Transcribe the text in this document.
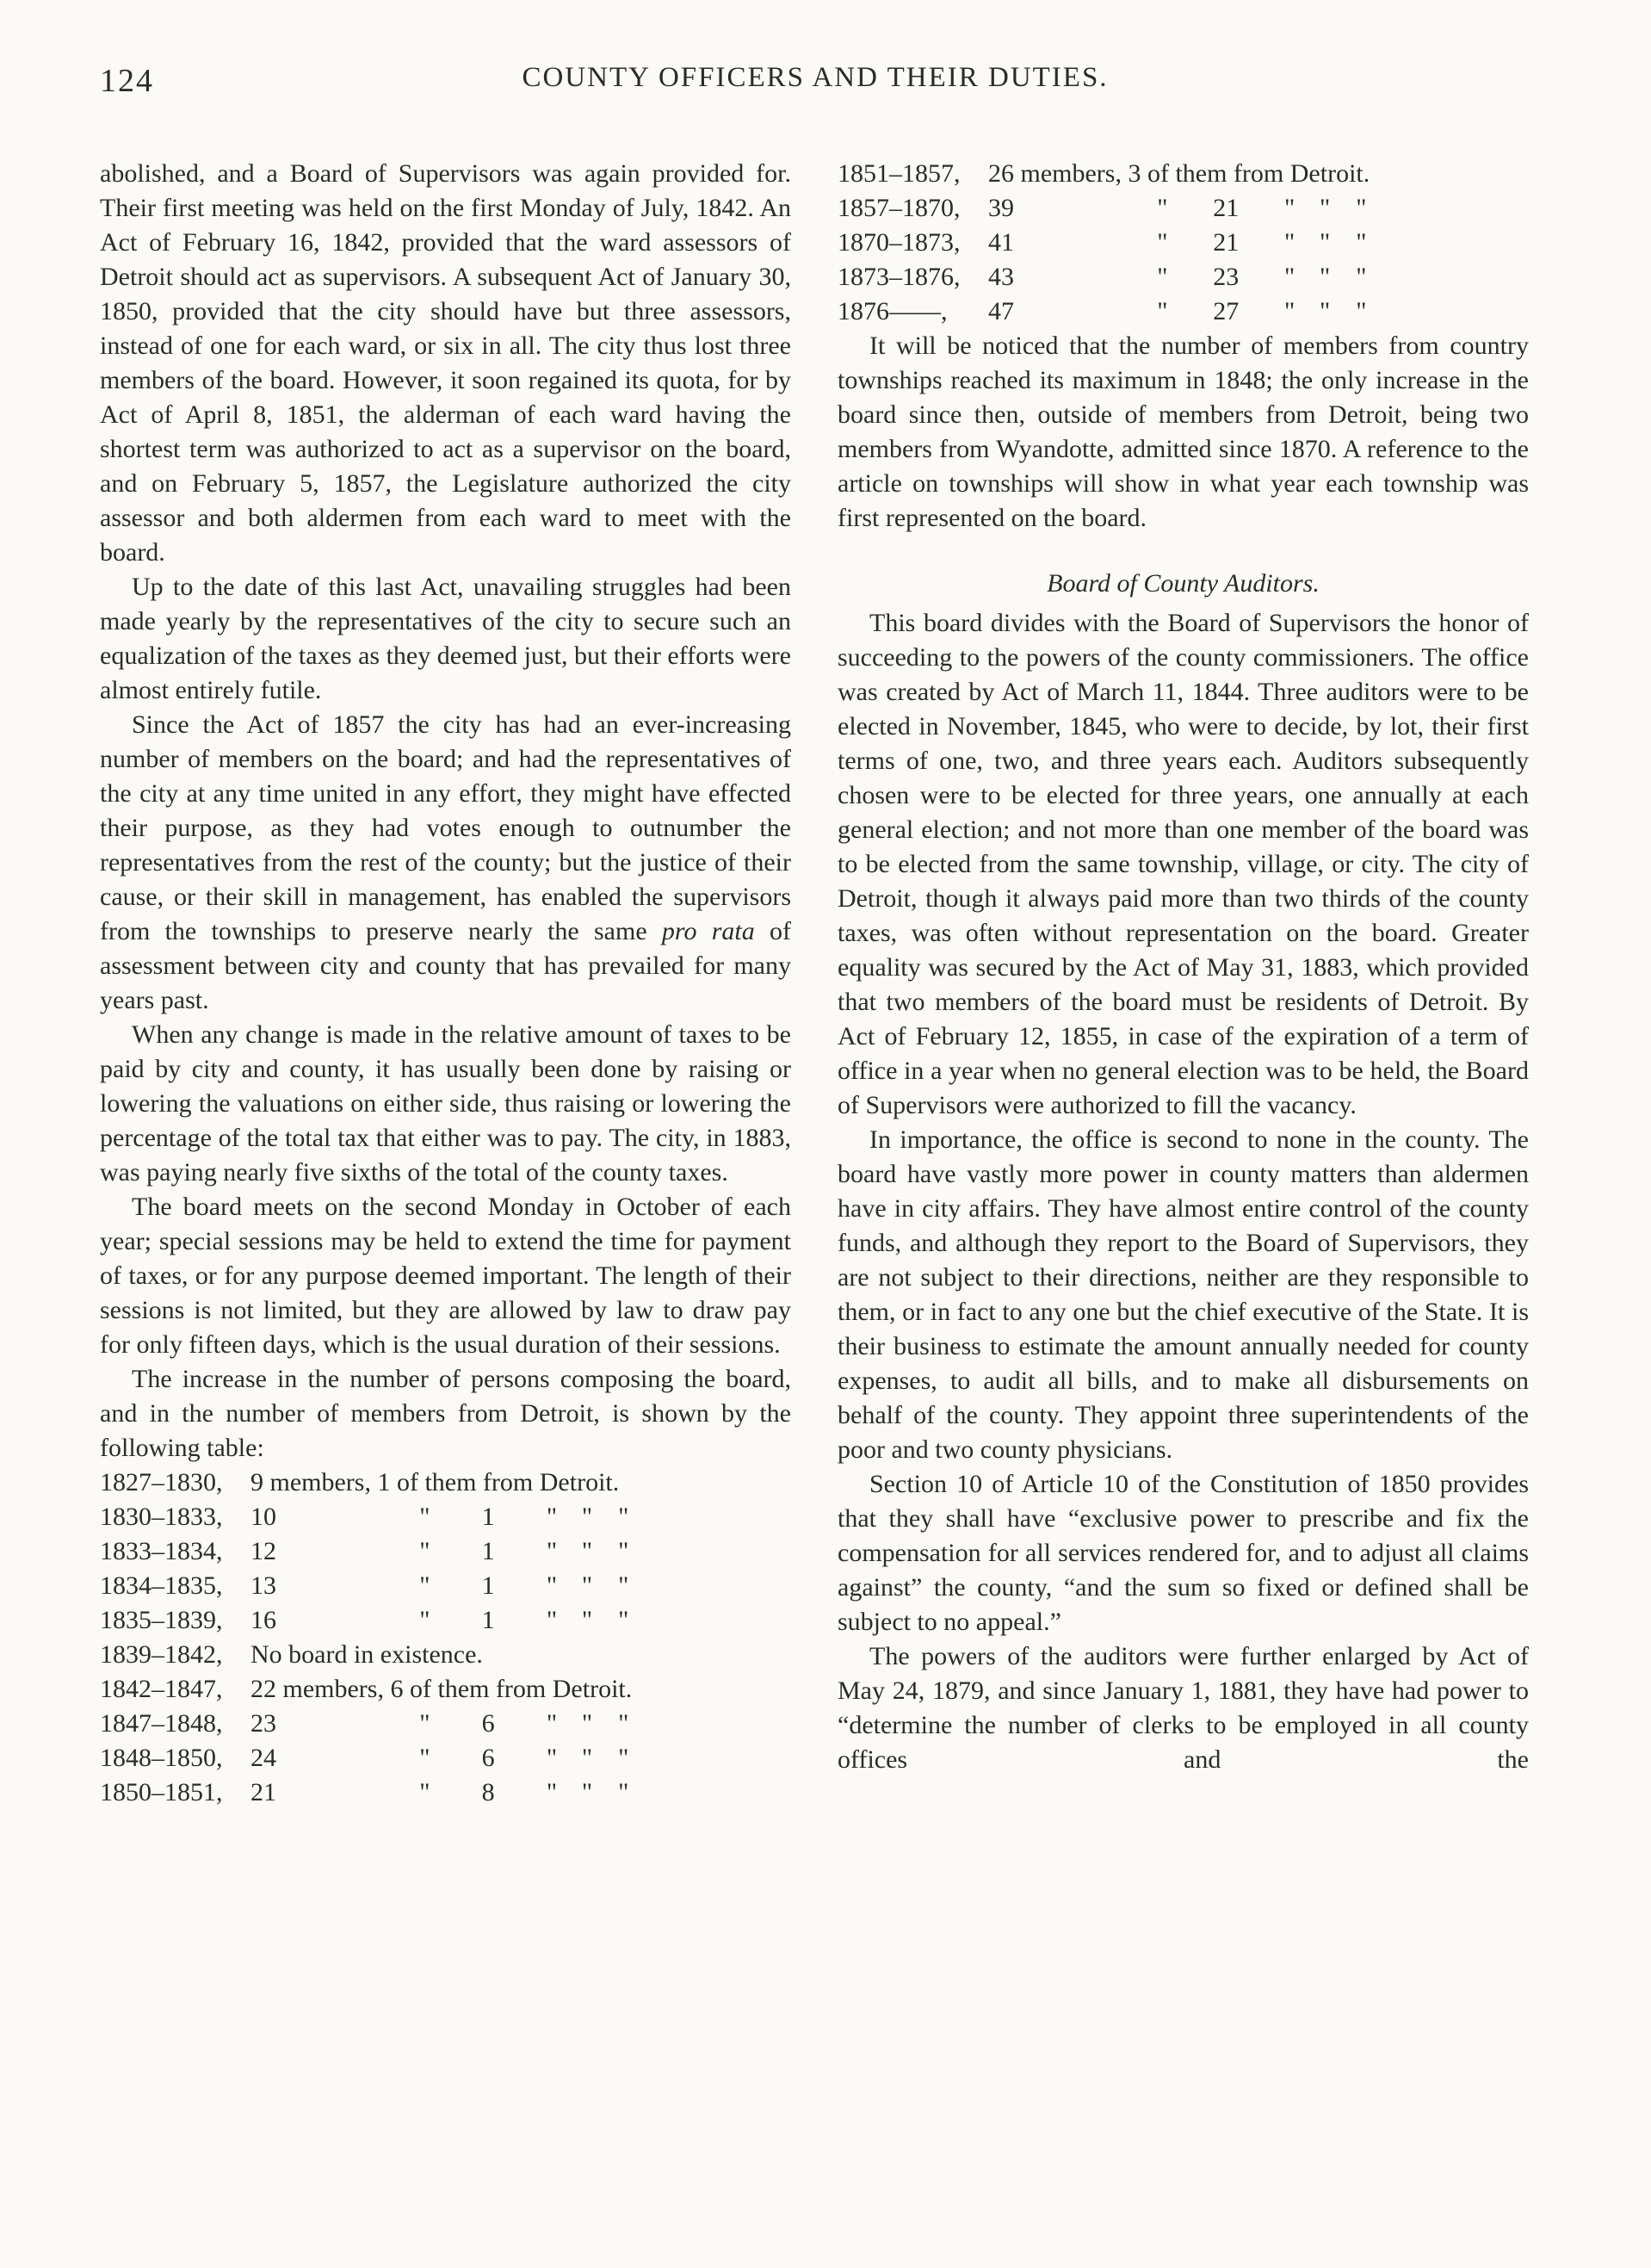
124	COUNTY OFFICERS AND THEIR DUTIES.

abolished, and a Board of Supervisors was again provided for. Their first meeting was held on the first Monday of July, 1842. An Act of February 16, 1842, provided that the ward assessors of Detroit should act as supervisors. A subsequent Act of January 30, 1850, provided that the city should have but three assessors, instead of one for each ward, or six in all. The city thus lost three members of the board. However, it soon regained its quota, for by Act of April 8, 1851, the alderman of each ward having the shortest term was authorized to act as a supervisor on the board, and on February 5, 1857, the Legislature authorized the city assessor and both aldermen from each ward to meet with the board.

Up to the date of this last Act, unavailing struggles had been made yearly by the representatives of the city to secure such an equalization of the taxes as they deemed just, but their efforts were almost entirely futile.

Since the Act of 1857 the city has had an ever-increasing number of members on the board; and had the representatives of the city at any time united in any effort, they might have effected their purpose, as they had votes enough to outnumber the representatives from the rest of the county; but the justice of their cause, or their skill in management, has enabled the supervisors from the townships to preserve nearly the same pro rata of assessment between city and county that has prevailed for many years past.

When any change is made in the relative amount of taxes to be paid by city and county, it has usually been done by raising or lowering the valuations on either side, thus raising or lowering the percentage of the total tax that either was to pay. The city, in 1883, was paying nearly five sixths of the total of the county taxes.

The board meets on the second Monday in October of each year; special sessions may be held to extend the time for payment of taxes, or for any purpose deemed important. The length of their sessions is not limited, but they are allowed by law to draw pay for only fifteen days, which is the usual duration of their sessions.

The increase in the number of persons composing the board, and in the number of members from Detroit, is shown by the following table:

1827–1830,	9 members, 1 of them from Detroit.				
1830–1833,	10	"	1	"	" "
1833–1834,	12	"	1	"	" "
1834–1835,	13	"	1	"	" "
1835–1839,	16	"	1	"	" "
1839–1842,	No board in existence.				
1842–1847,	22 members, 6 of them from Detroit.				
1847–1848,	23	"	6	"	" "
1848–1850,	24	"	6	"	" "
1850–1851,	21	"	8	"	" "
1851–1857,	26 members, 3 of them from Detroit.				
1857–1870,	39	"	21	"	" "
1870–1873,	41	"	21	"	" "
1873–1876,	43	"	23	"	" "
1876——,	47	"	27	"	" "

It will be noticed that the number of members from country townships reached its maximum in 1848; the only increase in the board since then, outside of members from Detroit, being two members from Wyandotte, admitted since 1870. A reference to the article on townships will show in what year each township was first represented on the board.

Board of County Auditors.

This board divides with the Board of Supervisors the honor of succeeding to the powers of the county commissioners. The office was created by Act of March 11, 1844. Three auditors were to be elected in November, 1845, who were to decide, by lot, their first terms of one, two, and three years each. Auditors subsequently chosen were to be elected for three years, one annually at each general election; and not more than one member of the board was to be elected from the same township, village, or city. The city of Detroit, though it always paid more than two thirds of the county taxes, was often without representation on the board. Greater equality was secured by the Act of May 31, 1883, which provided that two members of the board must be residents of Detroit. By Act of February 12, 1855, in case of the expiration of a term of office in a year when no general election was to be held, the Board of Supervisors were authorized to fill the vacancy.

In importance, the office is second to none in the county. The board have vastly more power in county matters than aldermen have in city affairs. They have almost entire control of the county funds, and although they report to the Board of Supervisors, they are not subject to their directions, neither are they responsible to them, or in fact to any one but the chief executive of the State. It is their business to estimate the amount annually needed for county expenses, to audit all bills, and to make all disbursements on behalf of the county. They appoint three superintendents of the poor and two county physicians.

Section 10 of Article 10 of the Constitution of 1850 provides that they shall have “exclusive power to prescribe and fix the compensation for all services rendered for, and to adjust all claims against” the county, “and the sum so fixed or defined shall be subject to no appeal.”

The powers of the auditors were further enlarged by Act of May 24, 1879, and since January 1, 1881, they have had power to “determine the number of clerks to be employed in all county offices and the
